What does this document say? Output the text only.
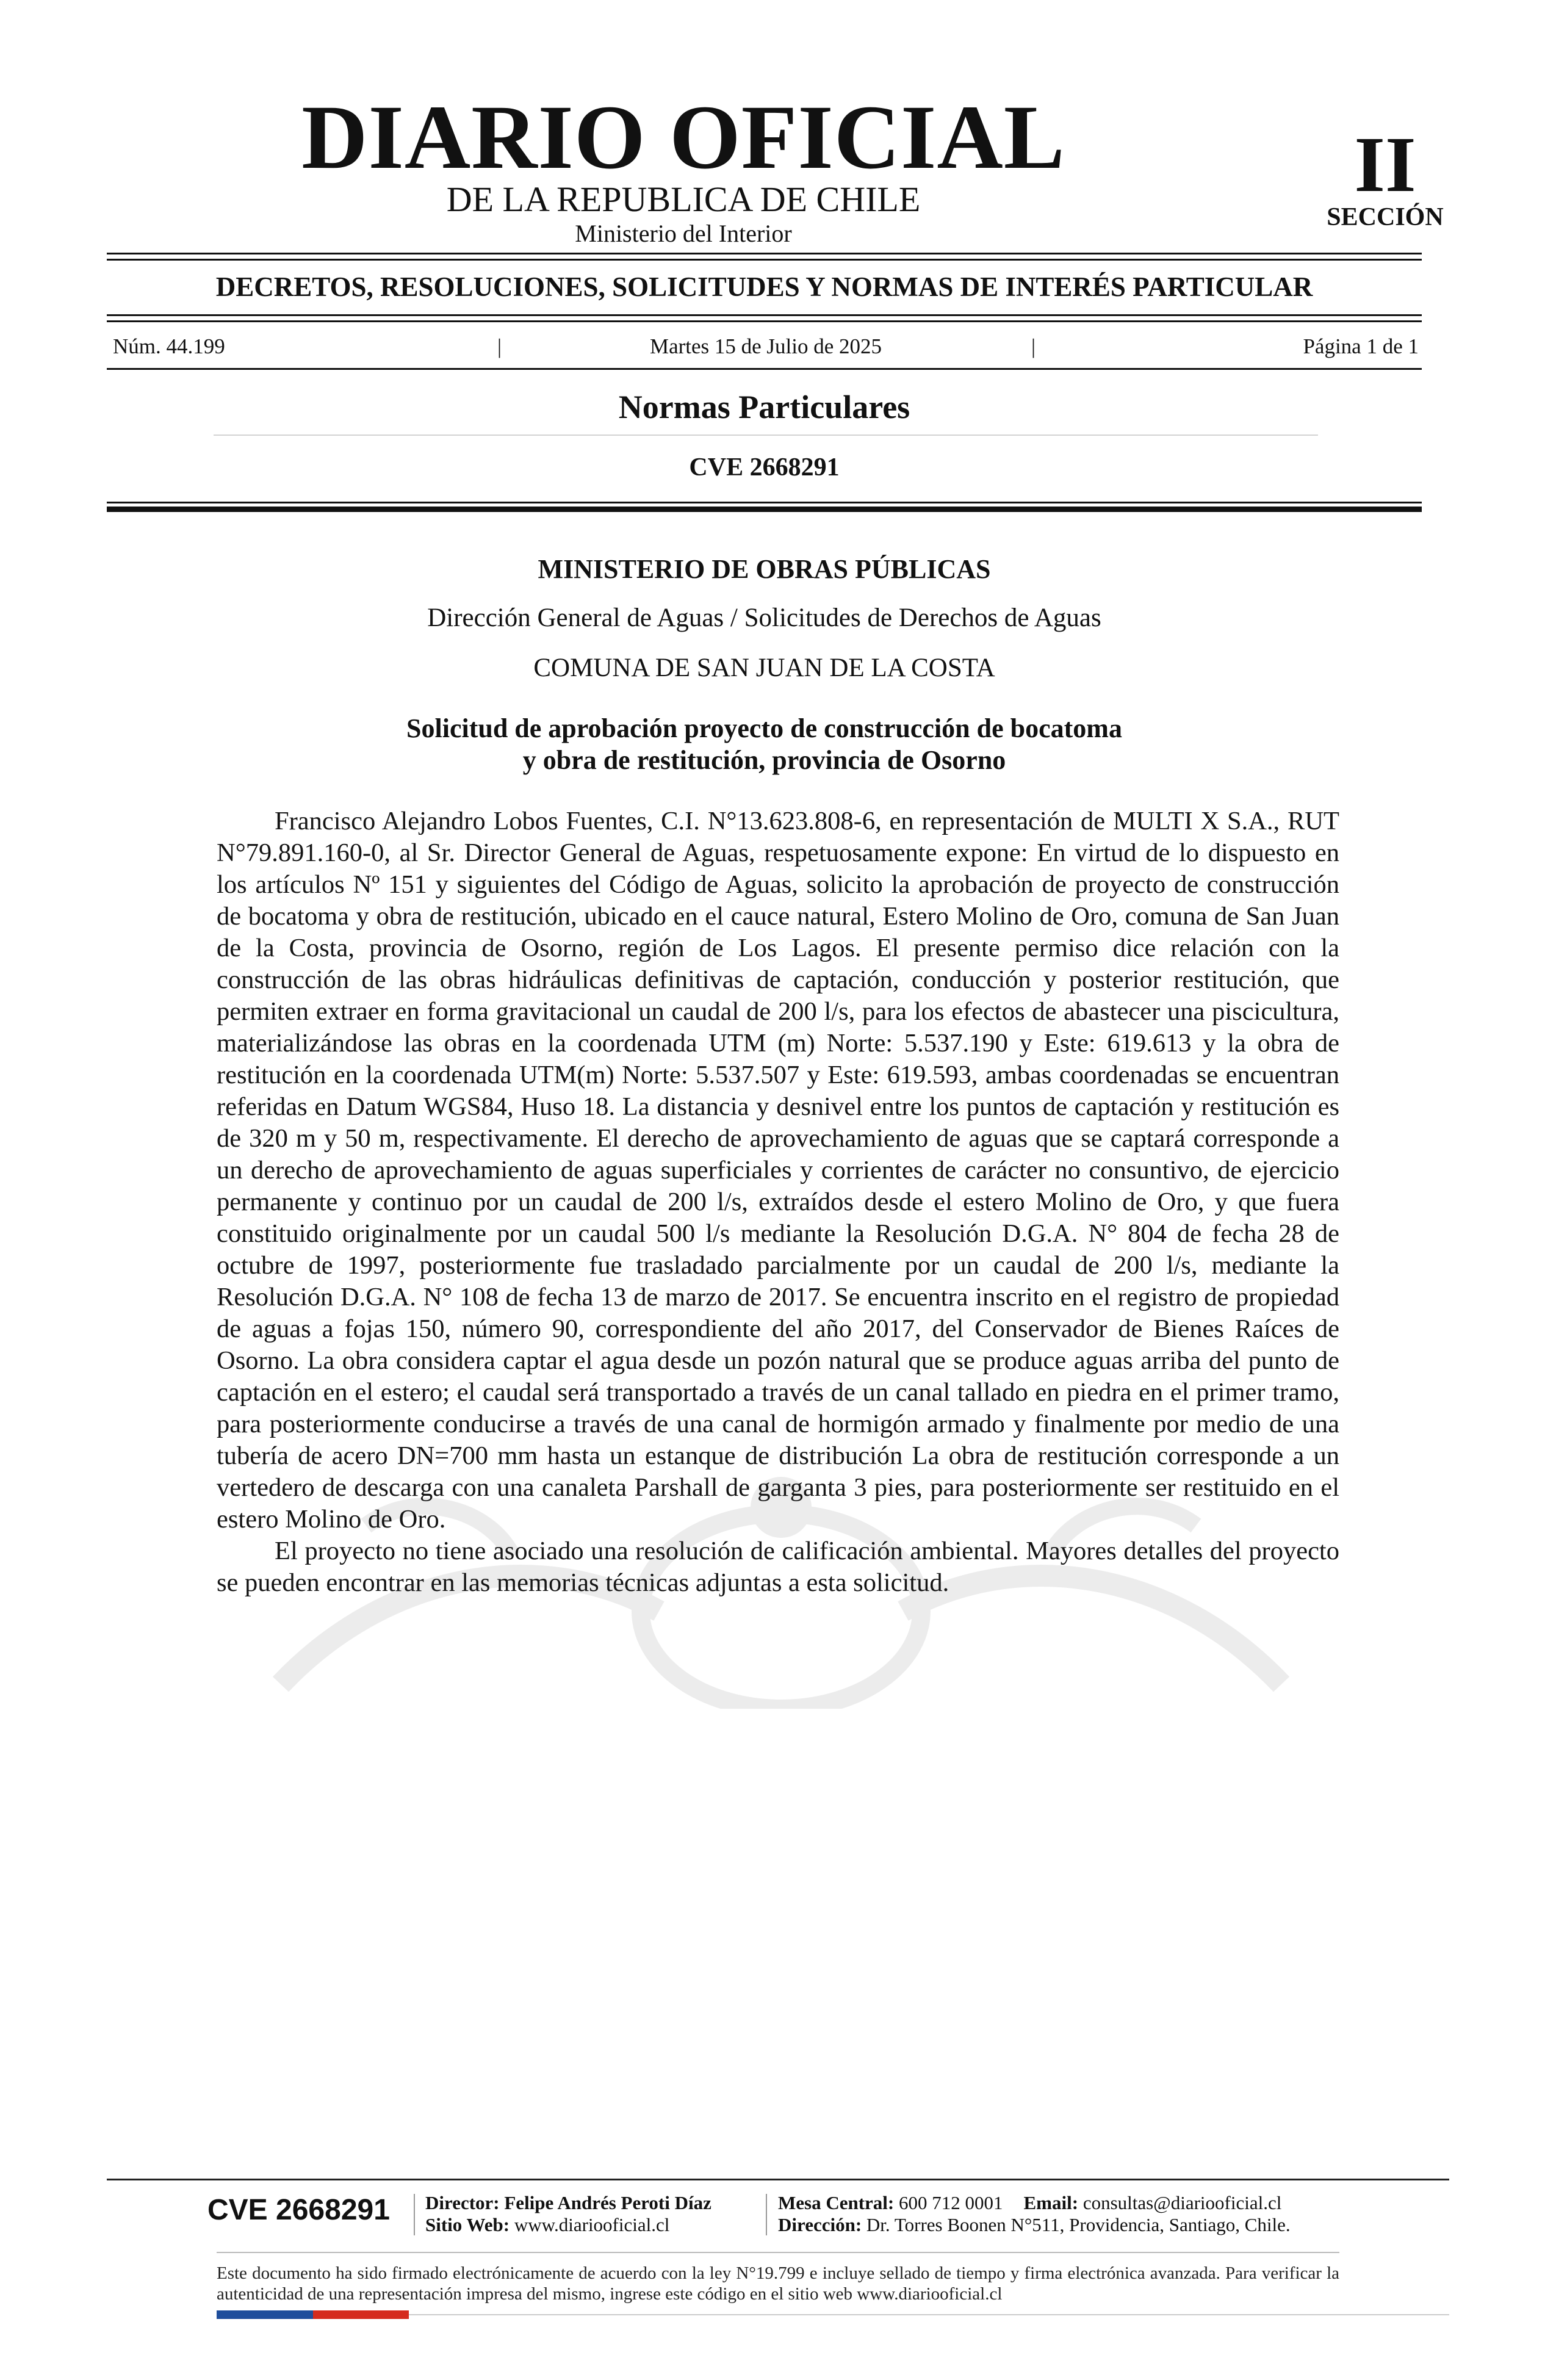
DIARIO OFICIAL
DE LA REPUBLICA DE CHILE
Ministerio del Interior
II
SECCIÓN
DECRETOS, RESOLUCIONES, SOLICITUDES Y NORMAS DE INTERÉS PARTICULAR
Núm. 44.199	|	Martes 15 de Julio de 2025	|	Página 1 de 1
Normas Particulares
CVE 2668291
MINISTERIO DE OBRAS PÚBLICAS
Dirección General de Aguas / Solicitudes de Derechos de Aguas
COMUNA DE SAN JUAN DE LA COSTA
Solicitud de aprobación proyecto de construcción de bocatoma
y obra de restitución, provincia de Osorno

Francisco Alejandro Lobos Fuentes, C.I. N°13.623.808-6, en representación de MULTI X S.A., RUT N°79.891.160-0, al Sr. Director General de Aguas, respetuosamente expone: En virtud de lo dispuesto en los artículos Nº 151 y siguientes del Código de Aguas, solicito la aprobación de proyecto de construcción de bocatoma y obra de restitución, ubicado en el cauce natural, Estero Molino de Oro, comuna de San Juan de la Costa, provincia de Osorno, región de Los Lagos. El presente permiso dice relación con la construcción de las obras hidráulicas definitivas de captación, conducción y posterior restitución, que permiten extraer en forma gravitacional un caudal de 200 l/s, para los efectos de abastecer una piscicultura, materializándose las obras en la coordenada UTM (m) Norte: 5.537.190 y Este: 619.613 y la obra de restitución en la coordenada UTM(m) Norte: 5.537.507 y Este: 619.593, ambas coordenadas se encuentran referidas en Datum WGS84, Huso 18. La distancia y desnivel entre los puntos de captación y restitución es de 320 m y 50 m, respectivamente. El derecho de aprovechamiento de aguas que se captará corresponde a un derecho de aprovechamiento de aguas superficiales y corrientes de carácter no consuntivo, de ejercicio permanente y continuo por un caudal de 200 l/s, extraídos desde el estero Molino de Oro, y que fuera constituido originalmente por un caudal 500 l/s mediante la Resolución D.G.A. N° 804 de fecha 28 de octubre de 1997, posteriormente fue trasladado parcialmente por un caudal de 200 l/s, mediante la Resolución D.G.A. N° 108 de fecha 13 de marzo de 2017. Se encuentra inscrito en el registro de propiedad de aguas a fojas 150, número 90, correspondiente del año 2017, del Conservador de Bienes Raíces de Osorno. La obra considera captar el agua desde un pozón natural que se produce aguas arriba del punto de captación en el estero; el caudal será transportado a través de un canal tallado en piedra en el primer tramo, para posteriormente conducirse a través de una canal de hormigón armado y finalmente por medio de una tubería de acero DN=700 mm hasta un estanque de distribución La obra de restitución corresponde a un vertedero de descarga con una canaleta Parshall de garganta 3 pies, para posteriormente ser restituido en el estero Molino de Oro.

El proyecto no tiene asociado una resolución de calificación ambiental. Mayores detalles del proyecto se pueden encontrar en las memorias técnicas adjuntas a esta solicitud.

CVE 2668291 Director: Felipe Andrés Peroti Díaz
Sitio Web: www.diariooficial.cl
Mesa Central: 600 712 0001 Email: consultas@diariooficial.cl
Dirección: Dr. Torres Boonen N°511, Providencia, Santiago, Chile.
Este documento ha sido firmado electrónicamente de acuerdo con la ley N°19.799 e incluye sellado de tiempo y firma electrónica avanzada. Para verificar la autenticidad de una representación impresa del mismo, ingrese este código en el sitio web www.diariooficial.cl
